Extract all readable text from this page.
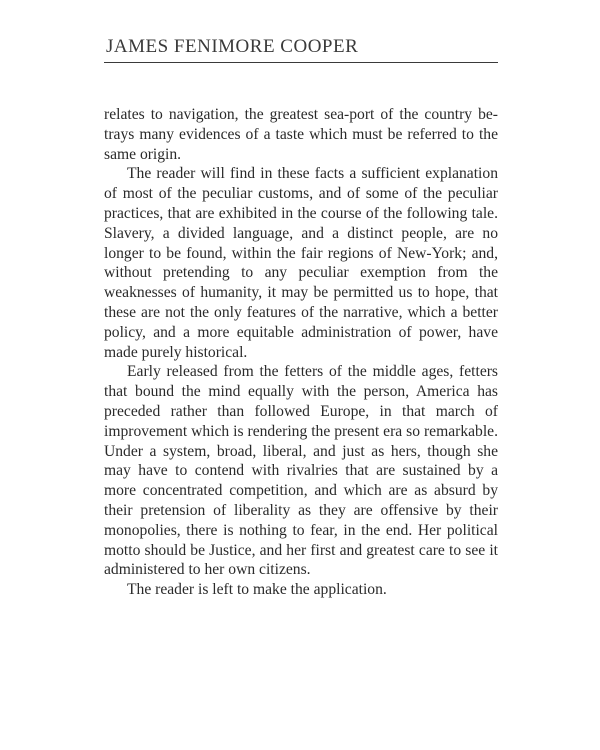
JAMES FENIMORE COOPER

relates to navigation, the greatest sea-port of the country betrays many evidences of a taste which must be referred to the same origin.

The reader will find in these facts a sufficient explanation of most of the peculiar customs, and of some of the peculiar practices, that are exhibited in the course of the following tale. Slavery, a divided language, and a distinct people, are no longer to be found, within the fair regions of New-York; and, without pretending to any peculiar exemption from the weaknesses of humanity, it may be permitted us to hope, that these are not the only features of the narrative, which a better policy, and a more equitable administration of power, have made purely historical.

Early released from the fetters of the middle ages, fetters that bound the mind equally with the person, America has preceded rather than followed Europe, in that march of improvement which is rendering the present era so remarkable. Under a system, broad, liberal, and just as hers, though she may have to contend with rivalries that are sustained by a more concentrated competition, and which are as absurd by their pretension of liberality as they are offensive by their monopolies, there is nothing to fear, in the end. Her political motto should be Justice, and her first and greatest care to see it administered to her own citizens.

The reader is left to make the application.
